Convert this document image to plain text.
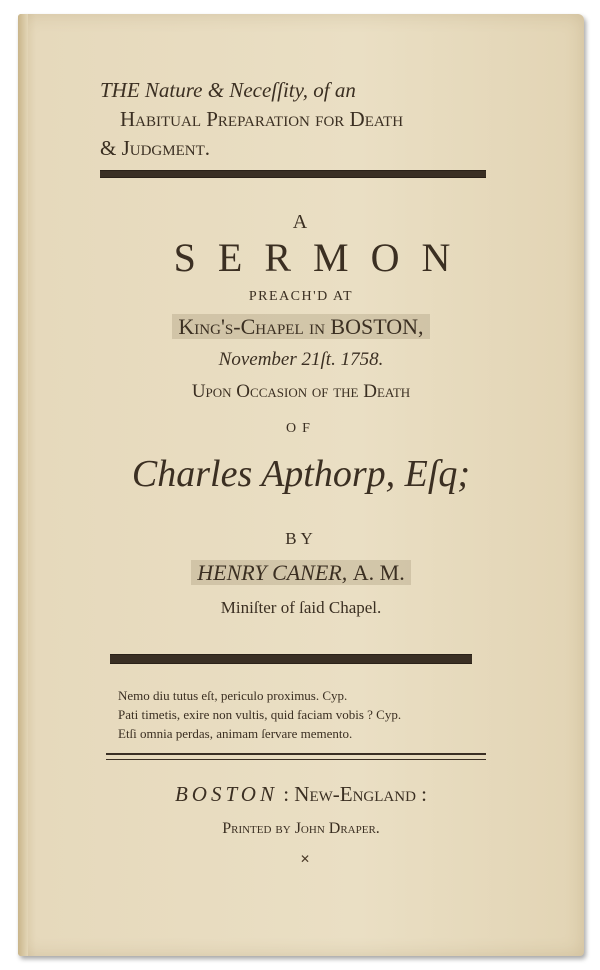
THE Nature & Neceſſity, of an
Habitual Preparation for Death
& Judgment.
A
SERMON
PREACH'D AT
King's-Chapel in BOSTON,
November 21ſt. 1758.
Upon Occaſion of the Death
OF
Charles Apthorp, Eſq;
BY
HENRY CANER, A. M.
Miniſter of ſaid Chapel.
Nemo diu tutus eſt, periculo proximus. Cyp.
Pati timetis, exire non vultis, quid faciam vobis ? Cyp.
Etſi omnia perdas, animam ſervare memento.
BOSTON : New-England :
Printed by John Draper.
✕
